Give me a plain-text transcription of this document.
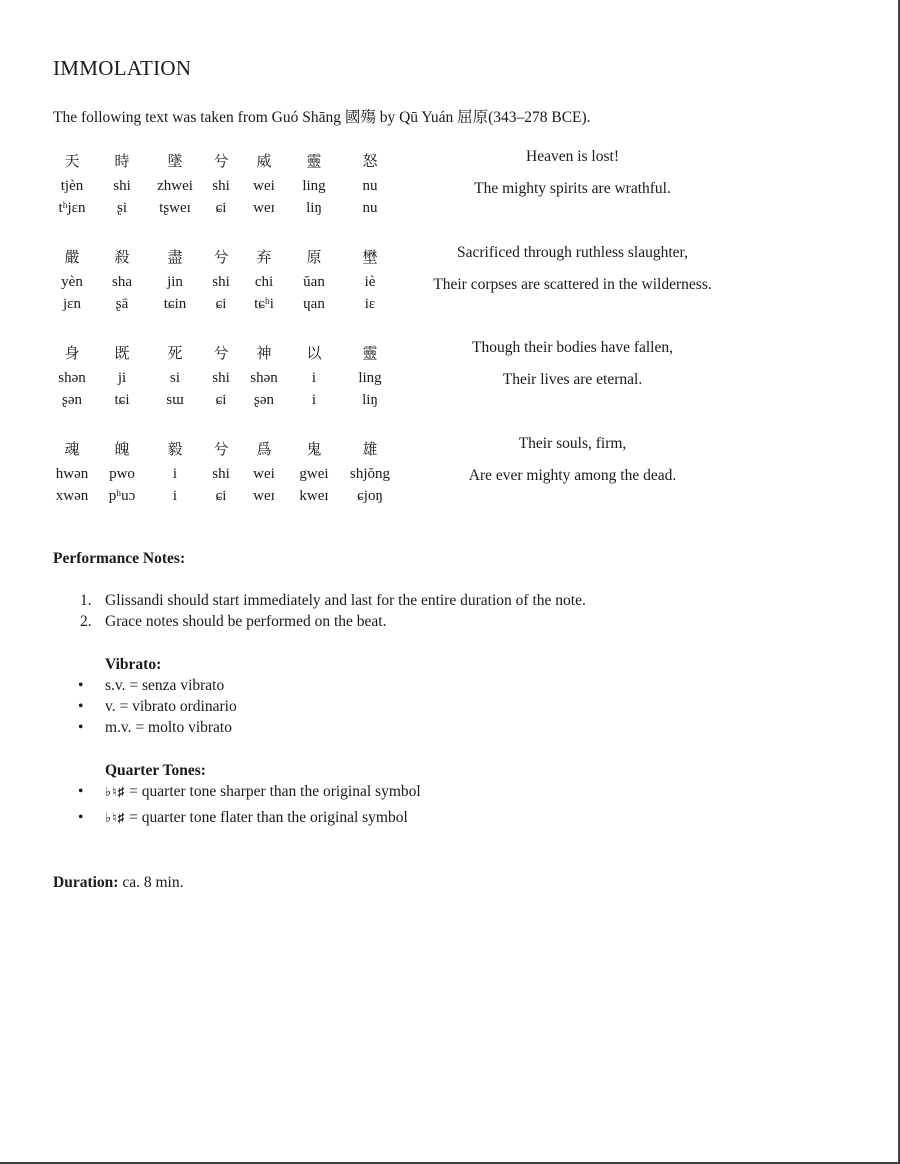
IMMOLATION
The following text was taken from Guó Shāng 國殤 by Qū Yuán 屈原(343–278 BCE).
天	時	墜	兮	威	靈	怒
tjèn	shi	zhwei	shi	wei	ling	nu
tʰjɛn	ʂi	tʂweɪ	ɕi	weɪ	liŋ	nu
Heaven is lost!
The mighty spirits are wrathful.
嚴	殺	盡	兮	弃	原	壄
yèn	sha	jin	shi	chi	ŭan	iè
jɛn	ʂā	tɕin	ɕi	tɕʰi	ɥan	iɛ
Sacrificed through ruthless slaughter,
Their corpses are scattered in the wilderness.
身	既	死	兮	神	以	靈
shən	ji	si	shi	shən	i	ling
ʂən	tɕi	sɯ	ɕi	ʂən	i	liŋ
Though their bodies have fallen,
Their lives are eternal.
魂	魄	毅	兮	爲	鬼	雄
hwən	pwo	i	shi	wei	gwei	shjŏng
xwən	pʰuɔ	i	ɕi	weɪ	kweɪ	ɕjoŋ
Their souls, firm,
Are ever mighty among the dead.
Performance Notes:
1. Glissandi should start immediately and last for the entire duration of the note.
2. Grace notes should be performed on the beat.
Vibrato:
• s.v. = senza vibrato
• v. = vibrato ordinario
• m.v. = molto vibrato
Quarter Tones:
• ♭♮♯ = quarter tone sharper than the original symbol
• ♭♮♯ = quarter tone flater than the original symbol
Duration: ca. 8 min.
